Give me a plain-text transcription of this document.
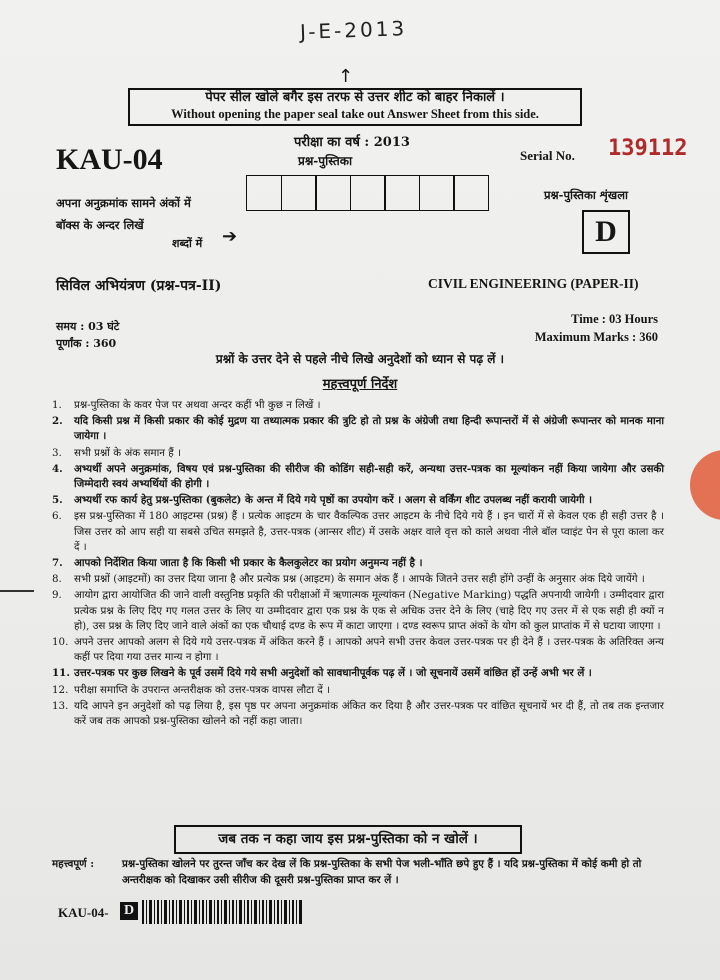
J-E-2013
↑
पेपर सील खोले बगैर इस तरफ से उत्तर शीट को बाहर निकालें ।
Without opening the paper seal take out Answer Sheet from this side.
KAU-04
परीक्षा का वर्ष : 2013
प्रश्न-पुस्तिका	Serial No. 139112
अपना अनुक्रमांक सामने अंकों में
बॉक्स के अन्दर लिखें
शब्दों में ➔
प्रश्न-पुस्तिका शृंखला
D
सिविल अभियंत्रण (प्रश्न-पत्र-II)	CIVIL ENGINEERING (PAPER-II)
समय : 03 घंटे
पूर्णांक : 360
Time : 03 Hours
Maximum Marks : 360
प्रश्नों के उत्तर देने से पहले नीचे लिखे अनुदेशों को ध्यान से पढ़ लें ।
महत्त्वपूर्ण निर्देश
1.	प्रश्न-पुस्तिका के कवर पेज पर अथवा अन्दर कहीं भी कुछ न लिखें ।
2.	यदि किसी प्रश्न में किसी प्रकार की कोई मुद्रण या तथ्यात्मक प्रकार की त्रुटि हो तो प्रश्न के अंग्रेजी तथा हिन्दी रूपान्तरों में से अंग्रेजी रूपान्तर को मानक माना जायेगा ।
3.	सभी प्रश्नों के अंक समान हैं ।
4.	अभ्यर्थी अपने अनुक्रमांक, विषय एवं प्रश्न-पुस्तिका की सीरीज की कोडिंग सही-सही करें, अन्यथा उत्तर-पत्रक का मूल्यांकन नहीं किया जायेगा और उसकी जिम्मेदारी स्वयं अभ्यर्थियों की होगी ।
5.	अभ्यर्थी रफ कार्य हेतु प्रश्न-पुस्तिका (बुकलेट) के अन्त में दिये गये पृष्ठों का उपयोग करें । अलग से वर्किंग शीट उपलब्ध नहीं करायी जायेगी ।
6.	इस प्रश्न-पुस्तिका में 180 आइटम्स (प्रश्न) हैं । प्रत्येक आइटम के चार वैकल्पिक उत्तर आइटम के नीचे दिये गये हैं । इन चारों में से केवल एक ही सही उत्तर है । जिस उत्तर को आप सही या सबसे उचित समझते है, उत्तर-पत्रक (आन्सर शीट) में उसके अक्षर वाले वृत्त को काले अथवा नीले बॉल प्वाइंट पेन से पूरा काला कर दें ।
7.	आपको निर्देशित किया जाता है कि किसी भी प्रकार के कैलकुलेटर का प्रयोग अनुमन्य नहीं है ।
8.	सभी प्रश्नों (आइटमों) का उत्तर दिया जाना है और प्रत्येक प्रश्न (आइटम) के समान अंक हैं । आपके जितने उत्तर सही होंगे उन्हीं के अनुसार अंक दिये जायेंगे ।
9.	आयोग द्वारा आयोजित की जाने वाली वस्तुनिष्ठ प्रकृति की परीक्षाओं में ऋणात्मक मूल्यांकन (Negative Marking) पद्धति अपनायी जायेगी । उम्मीदवार द्वारा प्रत्येक प्रश्न के लिए दिए गए गलत उत्तर के लिए या उम्मीदवार द्वारा एक प्रश्न के एक से अधिक उत्तर देने के लिए (चाहे दिए गए उत्तर में से एक सही ही क्यों न हो), उस प्रश्न के लिए दिए जाने वाले अंकों का एक चौथाई दण्ड के रूप में काटा जाएगा । दण्ड स्वरूप प्राप्त अंकों के योग को कुल प्राप्तांक में से घटाया जाएगा ।
10. अपने उत्तर आपको अलग से दिये गये उत्तर-पत्रक में अंकित करने हैं । आपको अपने सभी उत्तर केवल उत्तर-पत्रक पर ही देने हैं । उत्तर-पत्रक के अतिरिक्त अन्य कहीं पर दिया गया उत्तर मान्य न होगा ।
11. उत्तर-पत्रक पर कुछ लिखने के पूर्व उसमें दिये गये सभी अनुदेशों को सावधानीपूर्वक पढ़ लें । जो सूचनायें उसमें वांछित हों उन्हें अभी भर लें ।
12. परीक्षा समाप्ति के उपरान्त अन्तरीक्षक को उत्तर-पत्रक वापस लौटा दें ।
13. यदि आपने इन अनुदेशों को पढ़ लिया है, इस पृष्ठ पर अपना अनुक्रमांक अंकित कर दिया है और उत्तर-पत्रक पर वांछित सूचनायें भर दी हैं, तो तब तक इन्तजार करें जब तक आपको प्रश्न-पुस्तिका खोलने को नहीं कहा जाता।
जब तक न कहा जाय इस प्रश्न-पुस्तिका को न खोलें ।
महत्त्वपूर्ण :	प्रश्न-पुस्तिका खोलने पर तुरन्त जाँच कर देख लें कि प्रश्न-पुस्तिका के सभी पेज भली-भाँति छपे हुए हैं । यदि प्रश्न-पुस्तिका में कोई कमी हो तो अन्तरीक्षक को दिखाकर उसी सीरीज की दूसरी प्रश्न-पुस्तिका प्राप्त कर लें ।
KAU-04- D
